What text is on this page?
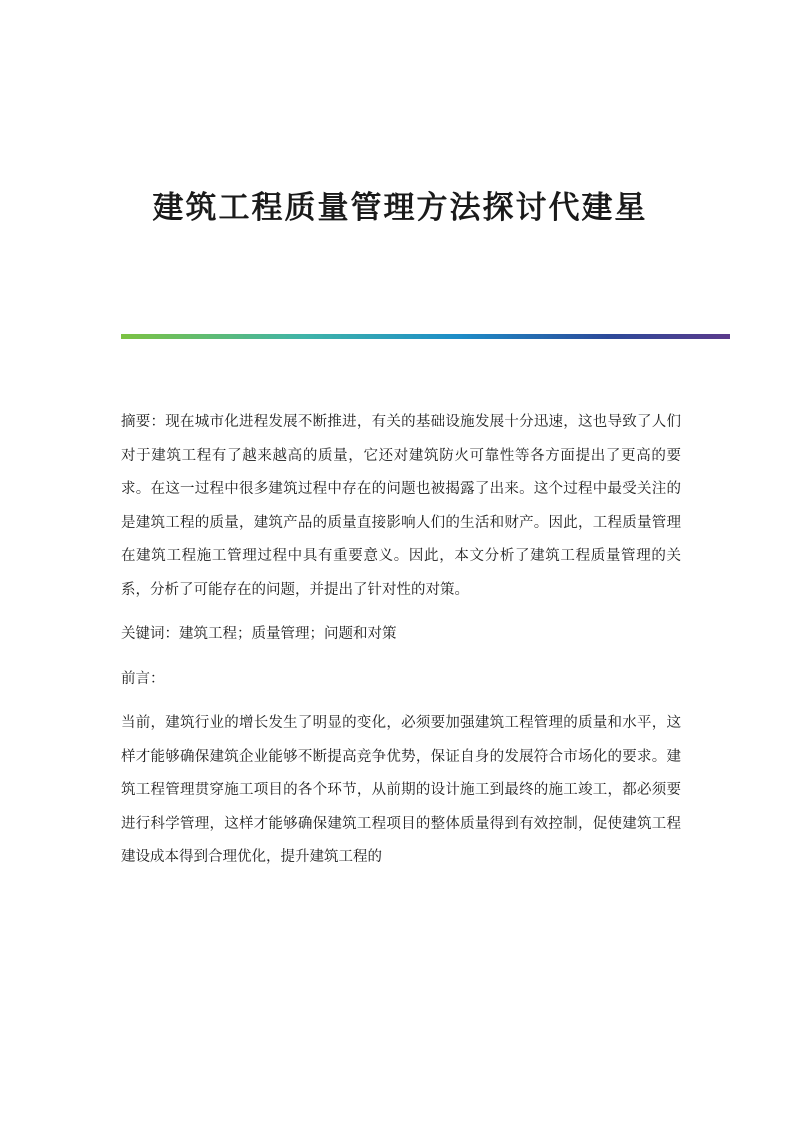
建筑工程质量管理方法探讨代建星

摘要：现在城市化进程发展不断推进，有关的基础设施发展十分迅速，这也导致了人们对于建筑工程有了越来越高的质量，它还对建筑防火可靠性等各方面提出了更高的要求。在这一过程中很多建筑过程中存在的问题也被揭露了出来。这个过程中最受关注的是建筑工程的质量，建筑产品的质量直接影响人们的生活和财产。因此，工程质量管理在建筑工程施工管理过程中具有重要意义。因此，本文分析了建筑工程质量管理的关系，分析了可能存在的问题，并提出了针对性的对策。

关键词：建筑工程；质量管理；问题和对策

前言：

当前，建筑行业的增长发生了明显的变化，必须要加强建筑工程管理的质量和水平，这样才能够确保建筑企业能够不断提高竞争优势，保证自身的发展符合市场化的要求。建筑工程管理贯穿施工项目的各个环节，从前期的设计施工到最终的施工竣工，都必须要进行科学管理，这样才能够确保建筑工程项目的整体质量得到有效控制，促使建筑工程建设成本得到合理优化，提升建筑工程的
